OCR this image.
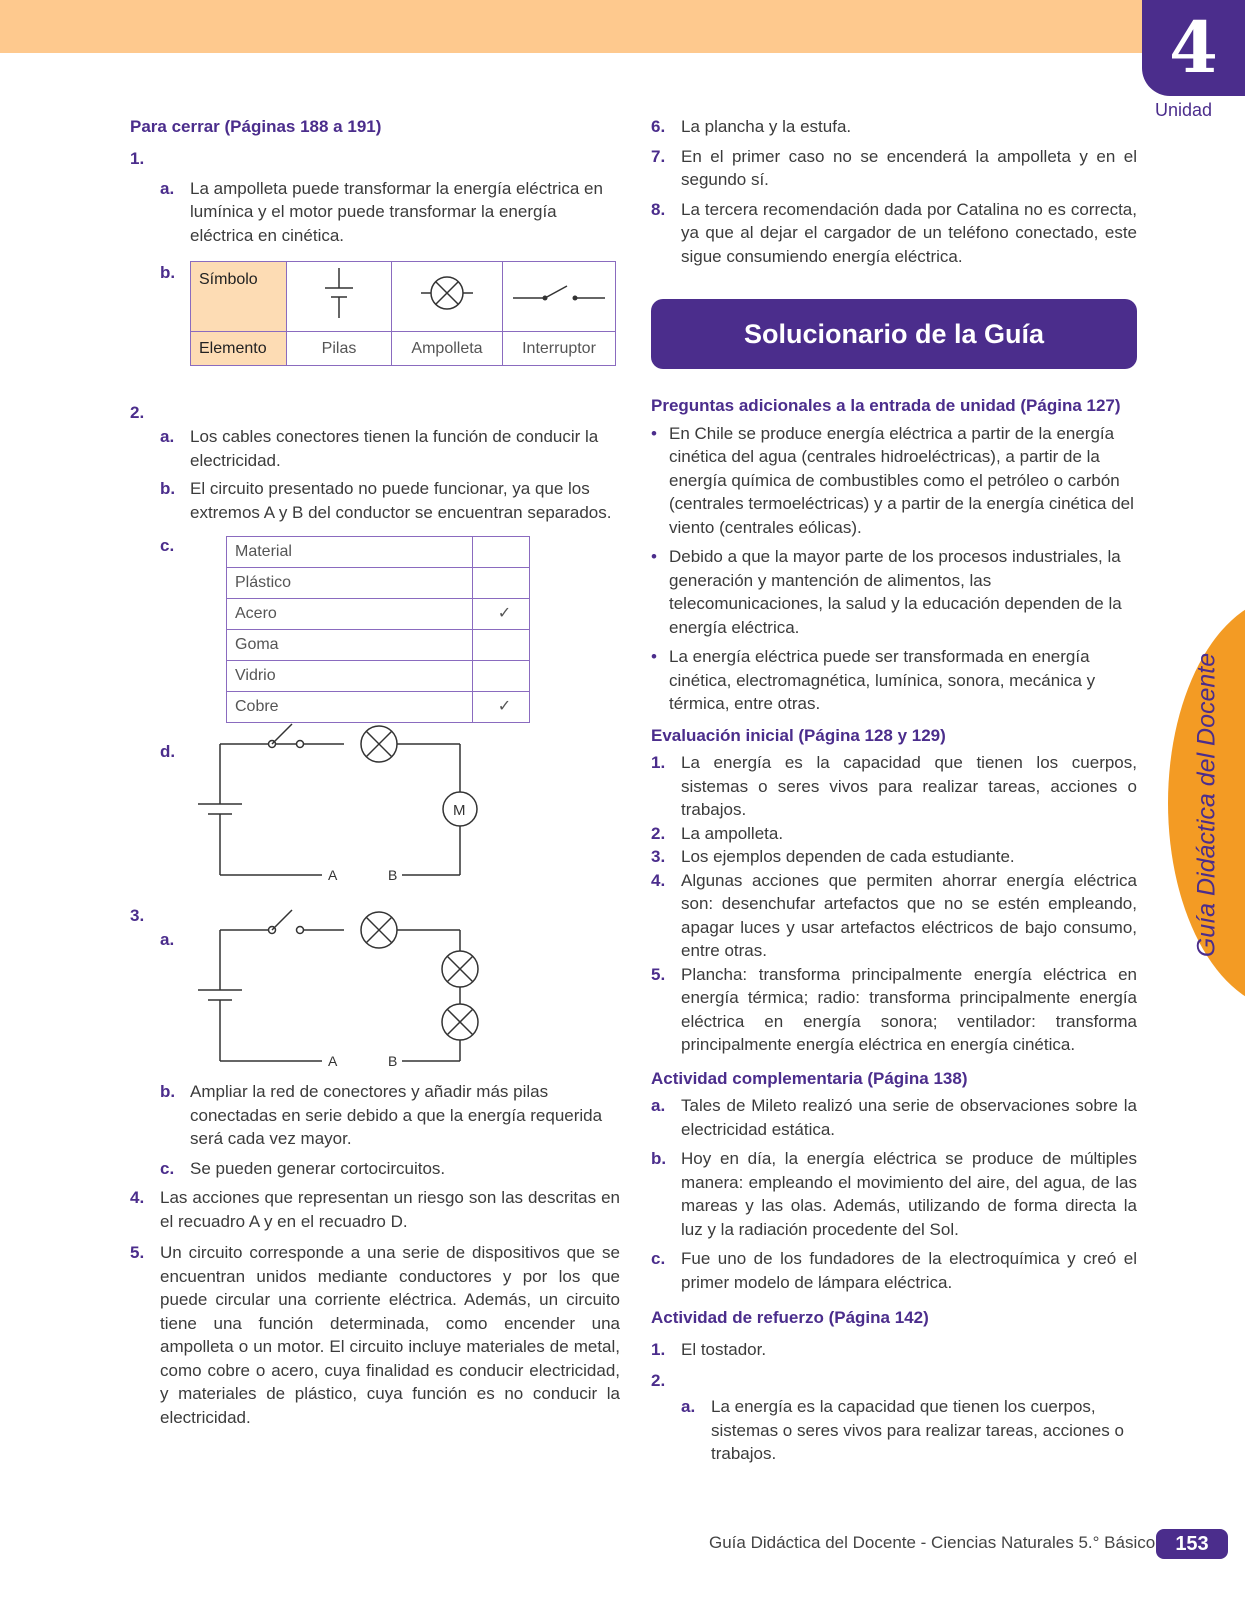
4
Unidad
Guía Didáctica del Docente
Para cerrar (Páginas 188 a 191)
1.
a. La ampolleta puede transformar la energía eléctrica en lumínica y el motor puede transformar la energía eléctrica en cinética.
b. Símbolo			
Elemento	Pilas	Ampolleta	Interruptor
2.
a. Los cables conectores tienen la función de conducir la electricidad.
b. El circuito presentado no puede funcionar, ya que los extremos A y B del conductor se encuentran separados.
c.	Material	
Plástico	
Acero	✓
Goma	
Vidrio	
Cobre	✓
d.
A	B
M
3.
a.
A	B
b. Ampliar la red de conectores y añadir más pilas conectadas en serie debido a que la energía requerida será cada vez mayor.
c. Se pueden generar cortocircuitos.
4. Las acciones que representan un riesgo son las descritas en el recuadro A y en el recuadro D.
5. Un circuito corresponde a una serie de dispositivos que se encuentran unidos mediante conductores y por los que puede circular una corriente eléctrica. Además, un circuito tiene una función determinada, como encender una ampolleta o un motor. El circuito incluye materiales de metal, como cobre o acero, cuya finalidad es conducir electricidad, y materiales de plástico, cuya función es no conducir la electricidad.
6. La plancha y la estufa.
7. En el primer caso no se encenderá la ampolleta y en el segundo sí.
8. La tercera recomendación dada por Catalina no es correcta, ya que al dejar el cargador de un teléfono conectado, este sigue consumiendo energía eléctrica.
Solucionario de la Guía
Preguntas adicionales a la entrada de unidad (Página 127)
• En Chile se produce energía eléctrica a partir de la energía cinética del agua (centrales hidroeléctricas), a partir de la energía química de combustibles como el petróleo o carbón (centrales termoeléctricas) y a partir de la energía cinética del viento (centrales eólicas).
• Debido a que la mayor parte de los procesos industriales, la generación y mantención de alimentos, las telecomunicaciones, la salud y la educación dependen de la energía eléctrica.
• La energía eléctrica puede ser transformada en energía cinética, electromagnética, lumínica, sonora, mecánica y térmica, entre otras.
Evaluación inicial (Página 128 y 129)
1. La energía es la capacidad que tienen los cuerpos, sistemas o seres vivos para realizar tareas, acciones o trabajos.
2. La ampolleta.
3. Los ejemplos dependen de cada estudiante.
4. Algunas acciones que permiten ahorrar energía eléctrica son: desenchufar artefactos que no se estén empleando, apagar luces y usar artefactos eléctricos de bajo consumo, entre otras.
5. Plancha: transforma principalmente energía eléctrica en energía térmica; radio: transforma principalmente energía eléctrica en energía sonora; ventilador: transforma principalmente energía eléctrica en energía cinética.
Actividad complementaria (Página 138)
a. Tales de Mileto realizó una serie de observaciones sobre la electricidad estática.
b. Hoy en día, la energía eléctrica se produce de múltiples manera: empleando el movimiento del aire, del agua, de las mareas y las olas. Además, utilizando de forma directa la luz y la radiación procedente del Sol.
c. Fue uno de los fundadores de la electroquímica y creó el primer modelo de lámpara eléctrica.
Actividad de refuerzo (Página 142)
1. El tostador.
2.
a. La energía es la capacidad que tienen los cuerpos, sistemas o seres vivos para realizar tareas, acciones o trabajos.
Guía Didáctica del Docente - Ciencias Naturales 5.° Básico	153
